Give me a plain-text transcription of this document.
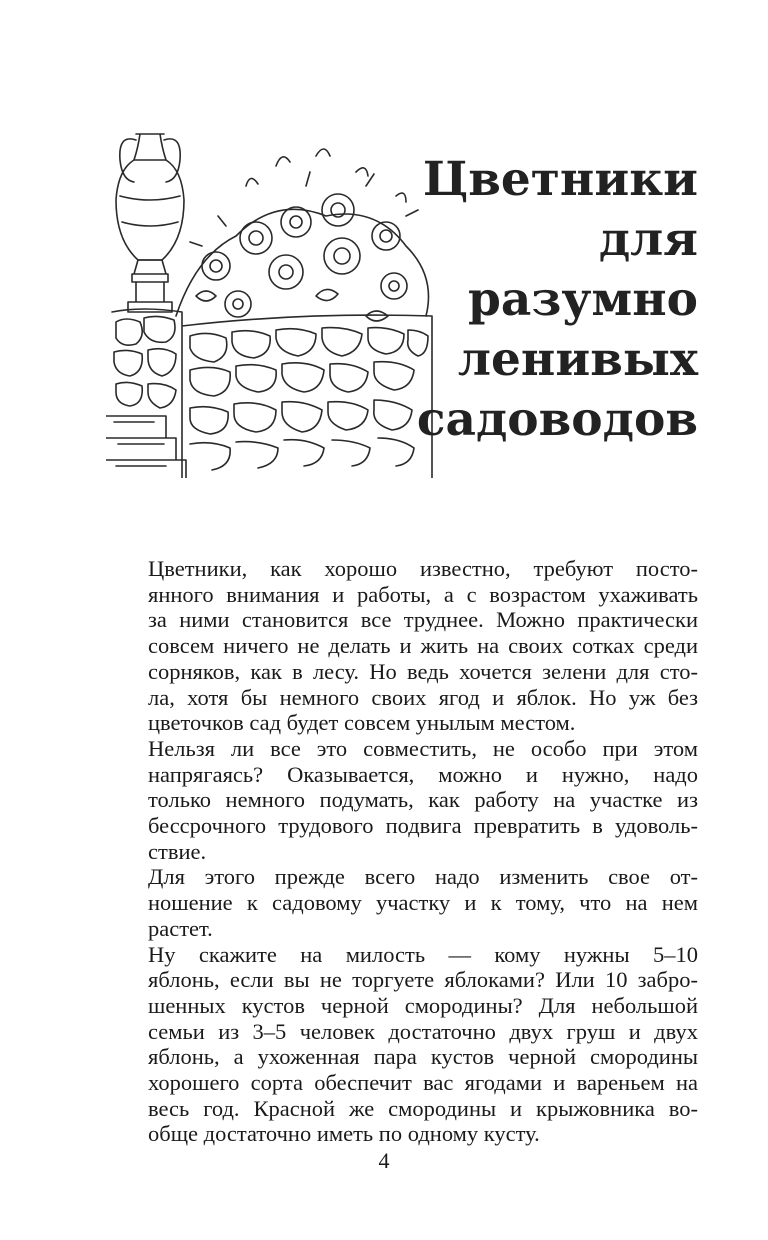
Цветники
для
разумно
ленивых
садоводов

Цветники, как хорошо известно, требуют посто-
янного внимания и работы, а с возрастом ухаживать
за ними становится все труднее. Можно практически
совсем ничего не делать и жить на своих сотках среди
сорняков, как в лесу. Но ведь хочется зелени для сто-
ла, хотя бы немного своих ягод и яблок. Но уж без
цветочков сад будет совсем унылым местом.

Нельзя ли все это совместить, не особо при этом
напрягаясь? Оказывается, можно и нужно, надо
только немного подумать, как работу на участке из
бессрочного трудового подвига превратить в удоволь-
ствие.

Для этого прежде всего надо изменить свое от-
ношение к садовому участку и к тому, что на нем
растет.

Ну скажите на милость — кому нужны 5–10
яблонь, если вы не торгуете яблоками? Или 10 забро-
шенных кустов черной смородины? Для небольшой
семьи из 3–5 человек достаточно двух груш и двух
яблонь, а ухоженная пара кустов черной смородины
хорошего сорта обеспечит вас ягодами и вареньем на
весь год. Красной же смородины и крыжовника во-
обще достаточно иметь по одному кусту.

4
